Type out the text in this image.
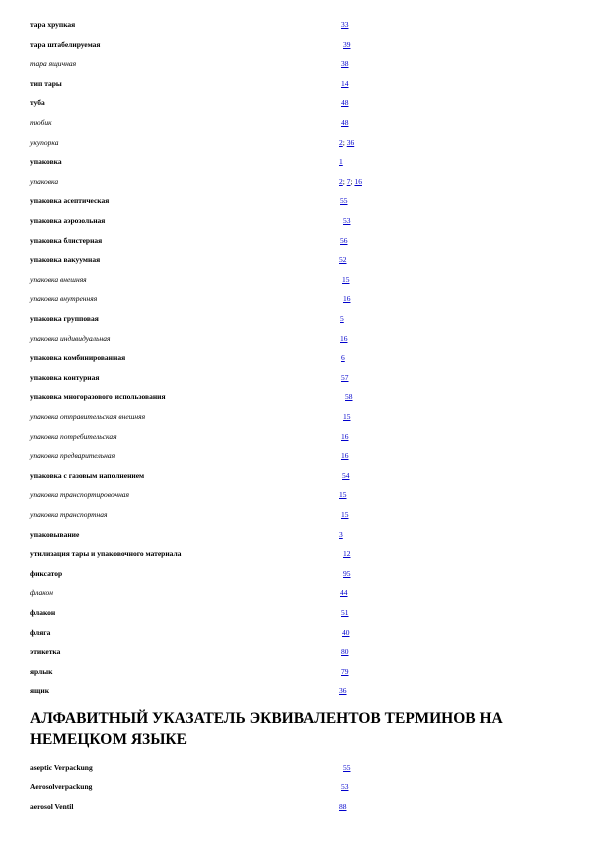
тара хрупкая	33
тара штабелируемая	39
тара ящичная	38
тип тары	14
туба	48
тюбик	48
укупорка	2; 36
упаковка	1
упаковка	2; 7; 16
упаковка асептическая	55
упаковка аэрозольная	53
упаковка блистерная	56
упаковка вакуумная	52
упаковка внешняя	15
упаковка внутренняя	16
упаковка групповая	5
упаковка индивидуальная	16
упаковка комбинированная	6
упаковка контурная	57
упаковка многоразового использования	58
упаковка отправительская внешняя	15
упаковка потребительская	16
упаковка предварительная	16
упаковка с газовым наполнением	54
упаковка транспортировочная	15
упаковка транспортная	15
упаковывание	3
утилизация тары и упаковочного материала	12
фиксатор	95
флакон	44
флакон	51
фляга	40
этикетка	80
ярлык	79
ящик	36
aseptic Verpackung	55
Aerosolverpackung	53
aerosol Ventil	88
АЛФАВИТНЫЙ УКАЗАТЕЛЬ ЭКВИВАЛЕНТОВ ТЕРМИНОВ НА НЕМЕЦКОМ ЯЗЫКЕ
